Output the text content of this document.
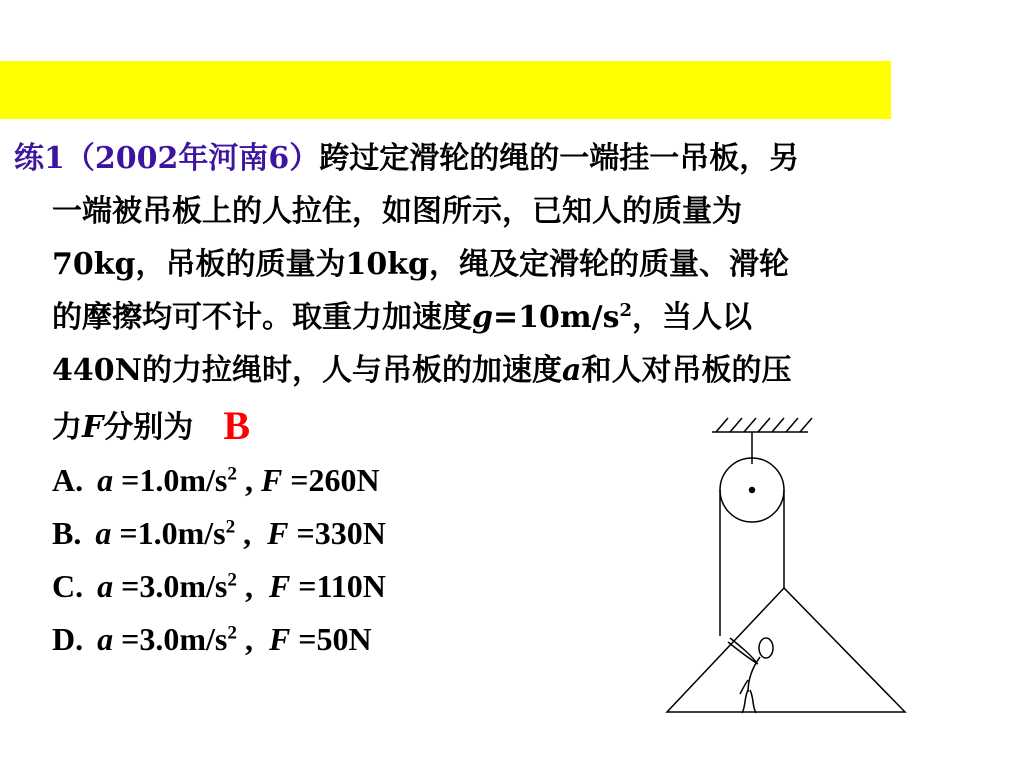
练1（2002年河南6）跨过定滑轮的绳的一端挂一吊板，另
一端被吊板上的人拉住，如图所示，已知人的质量为
70kg，吊板的质量为10kg，绳及定滑轮的质量、滑轮
的摩擦均可不计。取重力加速度$g=10m/s^2$，当人以
440N的力拉绳时，人与吊板的加速度a和人对吊板的压
力F分别为 B
A. $a =1.0m/s^2$ , F =260N
B. $a =1.0m/s^2$ ,  F =330N
C. $a =3.0m/s^2$ ,  F =110N
D. $a =3.0m/s^2$ ,  F =50N
